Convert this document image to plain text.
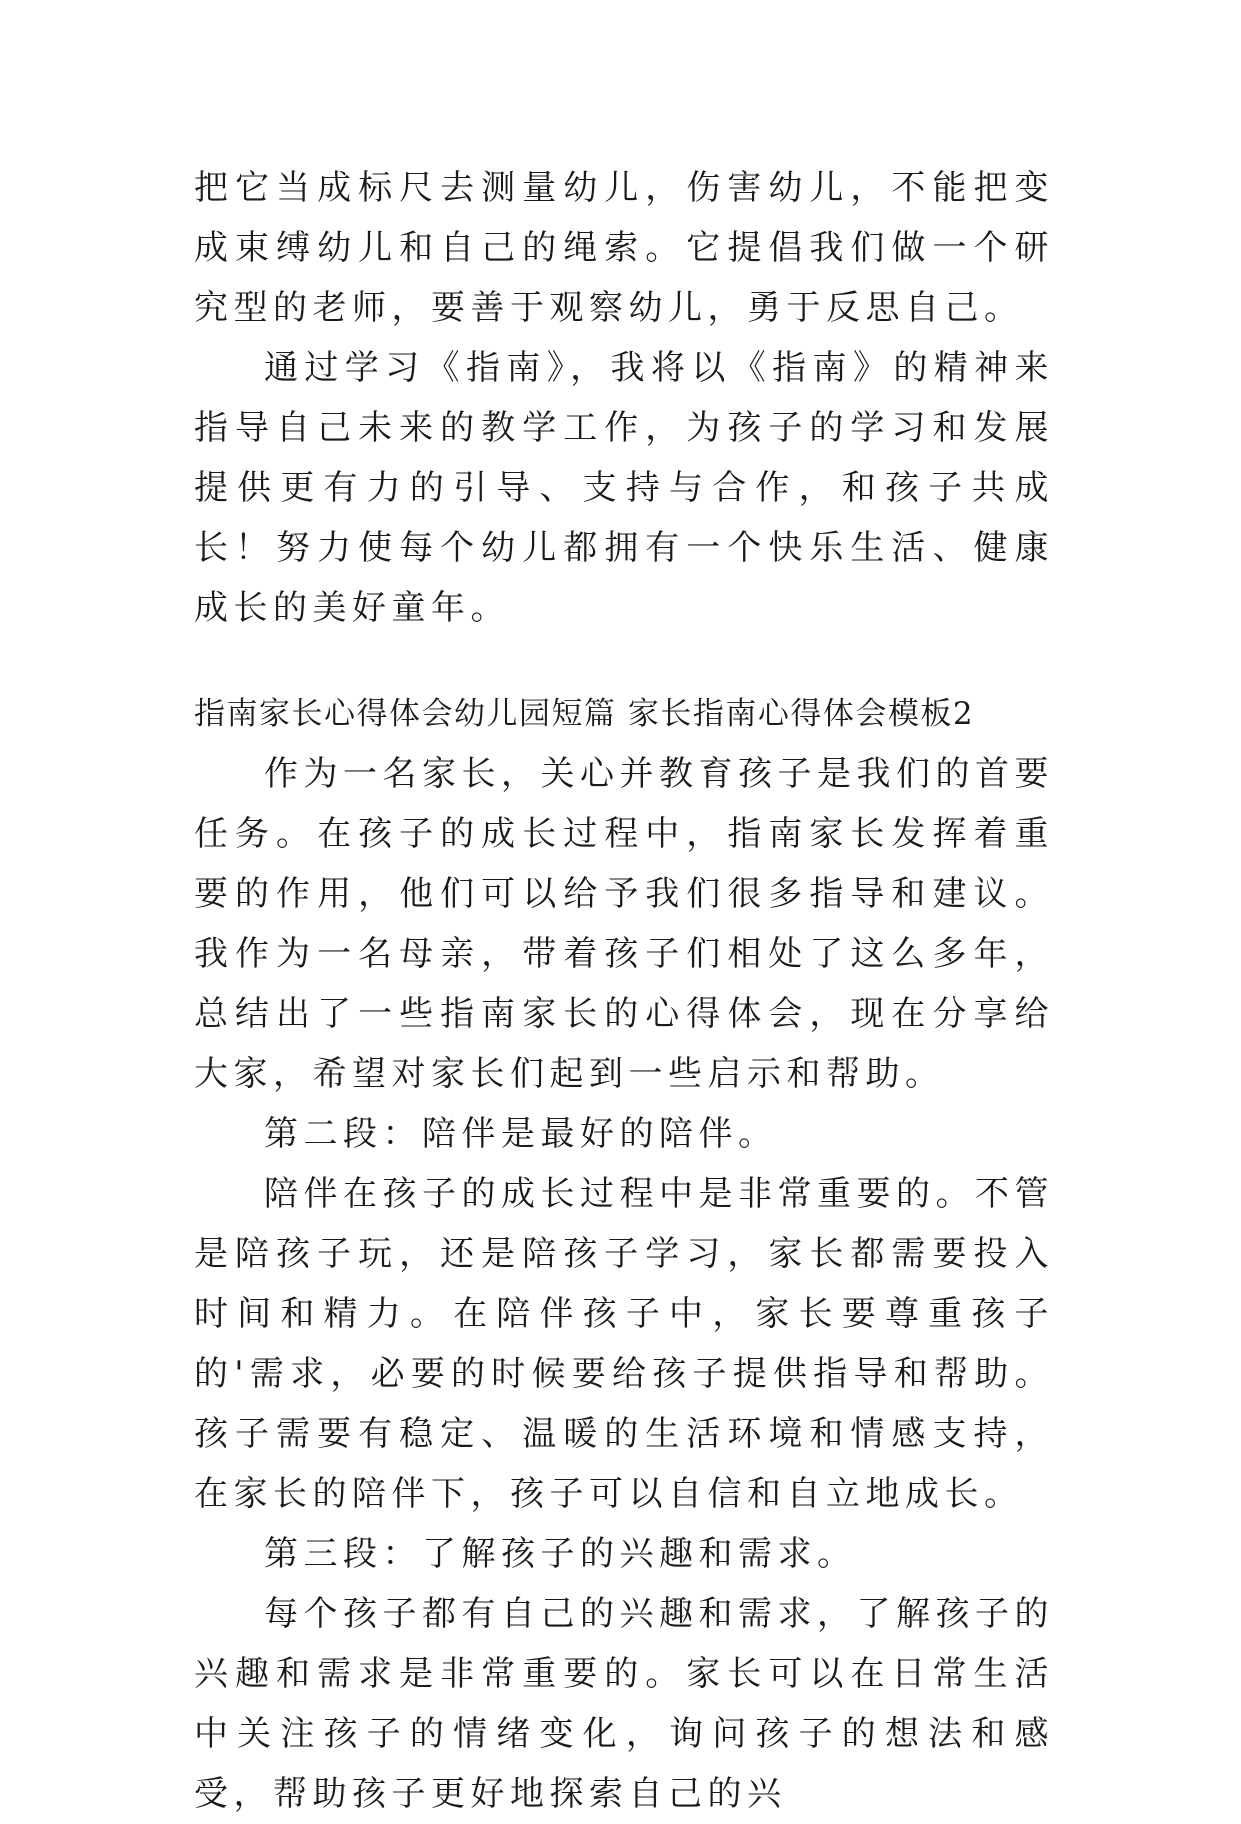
把它当成标尺去测量幼儿，伤害幼儿，不能把变成束缚幼儿和自己的绳索。它提倡我们做一个研究型的老师，要善于观察幼儿，勇于反思自己。

通过学习《指南》，我将以《指南》的精神来指导自己未来的教学工作，为孩子的学习和发展提供更有力的引导、支持与合作，和孩子共成长！努力使每个幼儿都拥有一个快乐生活、健康成长的美好童年。

指南家长心得体会幼儿园短篇 家长指南心得体会模板2

作为一名家长，关心并教育孩子是我们的首要任务。在孩子的成长过程中，指南家长发挥着重要的作用，他们可以给予我们很多指导和建议。我作为一名母亲，带着孩子们相处了这么多年，总结出了一些指南家长的心得体会，现在分享给大家，希望对家长们起到一些启示和帮助。

第二段：陪伴是最好的陪伴。

陪伴在孩子的成长过程中是非常重要的。不管是陪孩子玩，还是陪孩子学习，家长都需要投入时间和精力。在陪伴孩子中，家长要尊重孩子的'需求，必要的时候要给孩子提供指导和帮助。孩子需要有稳定、温暖的生活环境和情感支持，在家长的陪伴下，孩子可以自信和自立地成长。

第三段：了解孩子的兴趣和需求。

每个孩子都有自己的兴趣和需求，了解孩子的兴趣和需求是非常重要的。家长可以在日常生活中关注孩子的情绪变化，询问孩子的想法和感受，帮助孩子更好地探索自己的兴
